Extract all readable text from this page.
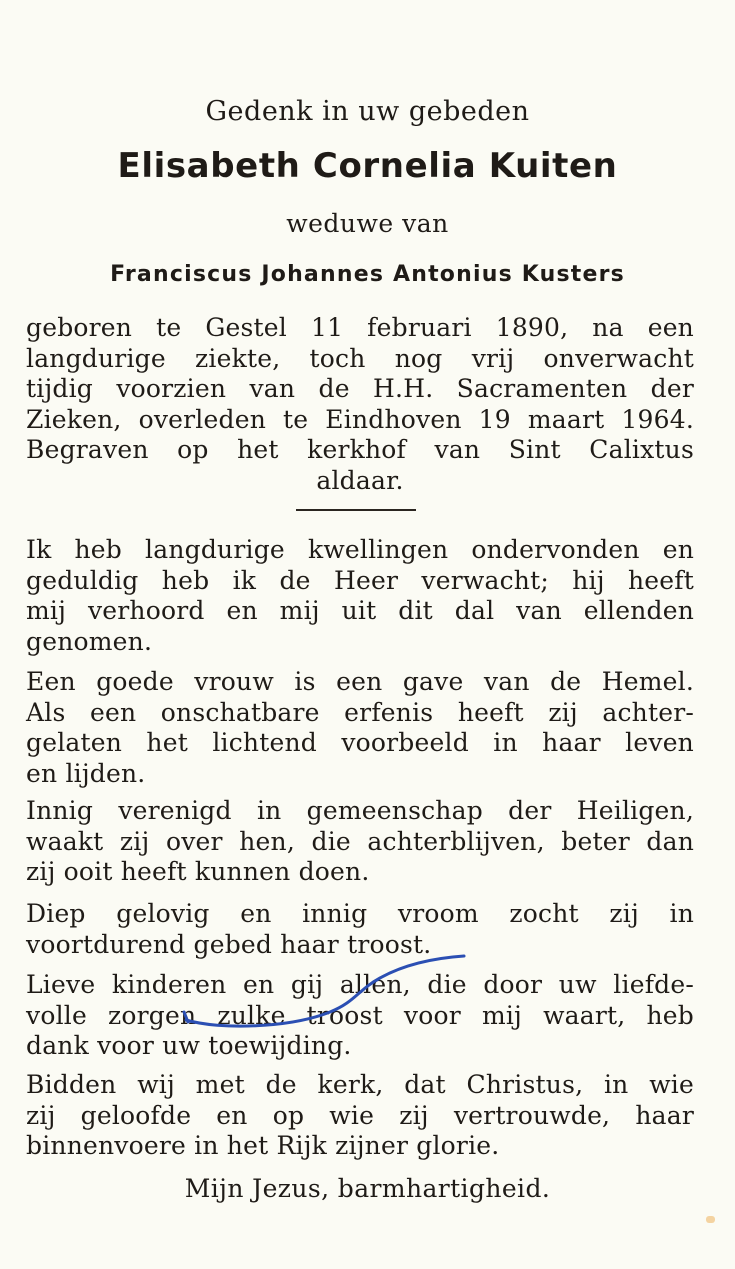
Gedenk in uw gebeden
Elisabeth Cornelia Kuiten
weduwe van
Franciscus Johannes Antonius Kusters
geboren te Gestel 11 februari 1890, na een
langdurige ziekte, toch nog vrij onverwacht
tijdig voorzien van de H.H. Sacramenten der
Zieken, overleden te Eindhoven 19 maart 1964.
Begraven op het kerkhof van Sint Calixtus
aldaar.
Ik heb langdurige kwellingen ondervonden en
geduldig heb ik de Heer verwacht; hij heeft
mij verhoord en mij uit dit dal van ellenden
genomen.
Een goede vrouw is een gave van de Hemel.
Als een onschatbare erfenis heeft zij achter-
gelaten het lichtend voorbeeld in haar leven
en lijden.
Innig verenigd in gemeenschap der Heiligen,
waakt zij over hen, die achterblijven, beter dan
zij ooit heeft kunnen doen.
Diep gelovig en innig vroom zocht zij in
voortdurend gebed haar troost.
Lieve kinderen en gij allen, die door uw liefde-
volle zorgen zulke troost voor mij waart, heb
dank voor uw toewijding.
Bidden wij met de kerk, dat Christus, in wie
zij geloofde en op wie zij vertrouwde, haar
binnenvoere in het Rijk zijner glorie.
Mijn Jezus, barmhartigheid.
